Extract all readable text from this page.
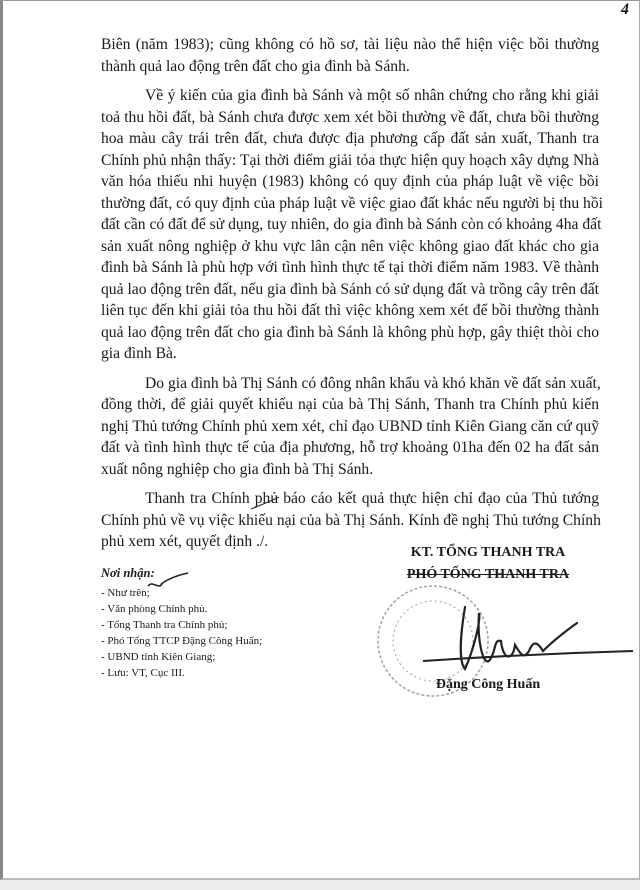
4
Biên (năm 1983); cũng không có hồ sơ, tài liệu nào thể hiện việc bồi thường
thành quả lao động trên đất cho gia đình bà Sánh.
Về ý kiến của gia đình bà Sánh và một số nhân chứng cho rằng khi giải
toả thu hồi đất, bà Sánh chưa được xem xét bồi thường về đất, chưa bồi thường
hoa màu cây trái trên đất, chưa được địa phương cấp đất sản xuất, Thanh tra
Chính phủ nhận thấy: Tại thời điểm giải tỏa thực hiện quy hoạch xây dựng Nhà
văn hóa thiếu nhi huyện (1983) không có quy định của pháp luật về việc bồi
thường đất, có quy định của pháp luật về việc giao đất khác nếu người bị thu hồi
đất cần có đất để sử dụng, tuy nhiên, do gia đình bà Sánh còn có khoảng 4ha đất
sản xuất nông nghiệp ở khu vực lân cận nên việc không giao đất khác cho gia
đình bà Sánh là phù hợp với tình hình thực tế tại thời điểm năm 1983. Về thành
quả lao động trên đất, nếu gia đình bà Sánh có sử dụng đất và trồng cây trên đất
liên tục đến khi giải tỏa thu hồi đất thì việc không xem xét để bồi thường thành
quả lao động trên đất cho gia đình bà Sánh là không phù hợp, gây thiệt thòi cho
gia đình Bà.
Do gia đình bà Thị Sánh có đông nhân khẩu và khó khăn về đất sản xuất,
đồng thời, để giải quyết khiếu nại của bà Thị Sánh, Thanh tra Chính phủ kiến
nghị Thủ tướng Chính phủ xem xét, chỉ đạo UBND tỉnh Kiên Giang căn cứ quỹ
đất và tình hình thực tế của địa phương, hỗ trợ khoảng 01ha đến 02 ha đất sản
xuất nông nghiệp cho gia đình bà Thị Sánh.
Thanh tra Chính phủ báo cáo kết quả thực hiện chỉ đạo của Thủ tướng
Chính phủ về vụ việc khiếu nại của bà Thị Sánh. Kính đề nghị Thủ tướng Chính
phủ xem xét, quyết định ./.
Nơi nhận:
- Như trên;
- Văn phòng Chính phủ.
- Tổng Thanh tra Chính phủ;
- Phó Tổng TTCP Đặng Công Huấn;
- UBND tỉnh Kiên Giang;
- Lưu: VT, Cục III.
KT. TỔNG THANH TRA
PHÓ TỔNG THANH TRA
Đặng Công Huấn
